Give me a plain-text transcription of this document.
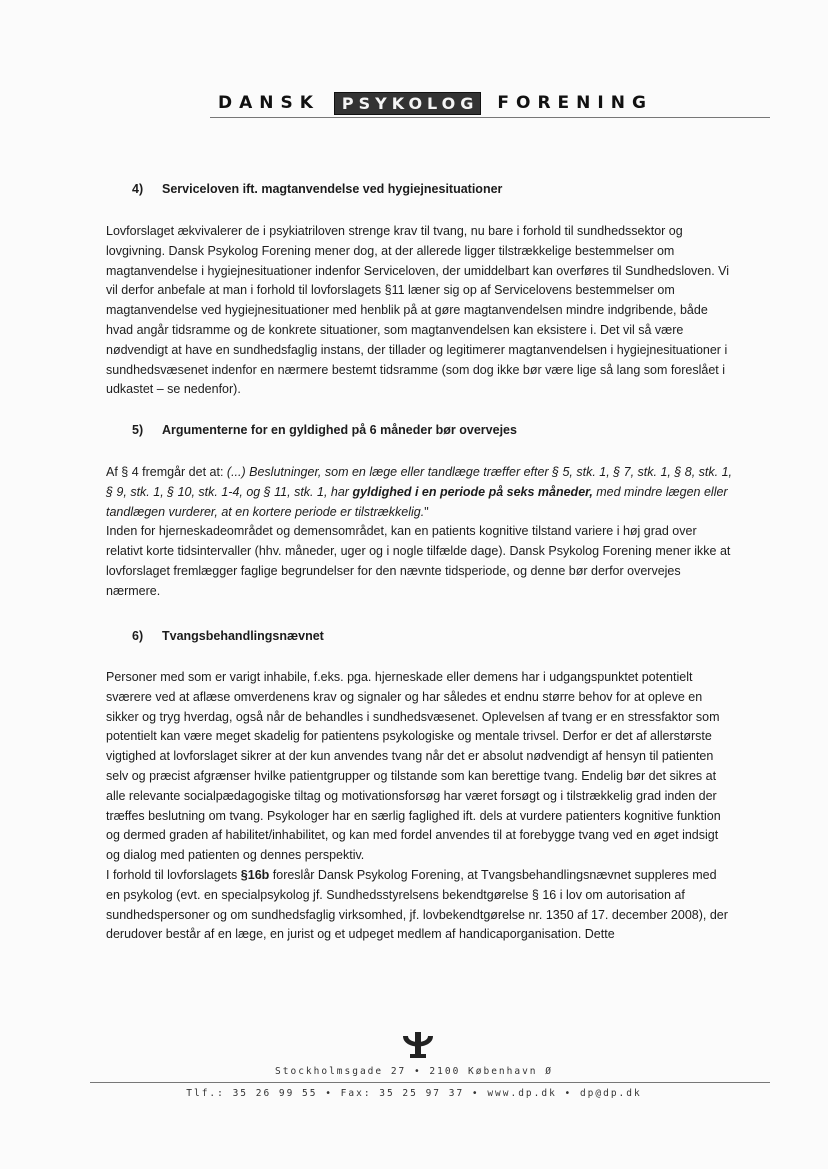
DANSK	PSYKOLOG FORENING
4) Serviceloven ift. magtanvendelse ved hygiejnesituationer

Lovforslaget ækvivalerer de i psykiatriloven strenge krav til tvang, nu bare i forhold til sundhedssektor og lovgivning. Dansk Psykolog Forening mener dog, at der allerede ligger tilstrækkelige bestemmelser om magtanvendelse i hygiejnesituationer indenfor Serviceloven, der umiddelbart kan overføres til Sundhedsloven. Vi vil derfor anbefale at man i forhold til lovforslagets §11 læner sig op af Servicelovens bestemmelser om magtanvendelse ved hygiejnesituationer med henblik på at gøre magtanvendelsen mindre indgribende, både hvad angår tidsramme og de konkrete situationer, som magtanvendelsen kan eksistere i. Det vil så være nødvendigt at have en sundhedsfaglig instans, der tillader og legitimerer magtanvendelsen i hygiejnesituationer i sundhedsvæsenet indenfor en nærmere bestemt tidsramme (som dog ikke bør være lige så lang som foreslået i udkastet – se nedenfor).

5) Argumenterne for en gyldighed på 6 måneder bør overvejes

Af § 4 fremgår det at: (...) Beslutninger, som en læge eller tandlæge træffer efter § 5, stk. 1, § 7, stk. 1, § 8, stk. 1, § 9, stk. 1, § 10, stk. 1-4, og § 11, stk. 1, har gyldighed i en periode på seks måneder, med mindre lægen eller tandlægen vurderer, at en kortere periode er tilstrækkelig."

Inden for hjerneskadeområdet og demensområdet, kan en patients kognitive tilstand variere i høj grad over relativt korte tidsintervaller (hhv. måneder, uger og i nogle tilfælde dage). Dansk Psykolog Forening mener ikke at lovforslaget fremlægger faglige begrundelser for den nævnte tidsperiode, og denne bør derfor overvejes nærmere.

6) Tvangsbehandlingsnævnet

Personer med som er varigt inhabile, f.eks. pga. hjerneskade eller demens har i udgangspunktet potentielt sværere ved at aflæse omverdenens krav og signaler og har således et endnu større behov for at opleve en sikker og tryg hverdag, også når de behandles i sundhedsvæsenet. Oplevelsen af tvang er en stressfaktor som potentielt kan være meget skadelig for patientens psykologiske og mentale trivsel. Derfor er det af allerstørste vigtighed at lovforslaget sikrer at der kun anvendes tvang når det er absolut nødvendigt af hensyn til patienten selv og præcist afgrænser hvilke patientgrupper og tilstande som kan berettige tvang. Endelig bør det sikres at alle relevante socialpædagogiske tiltag og motivationsforsøg har været forsøgt og i tilstrækkelig grad inden der træffes beslutning om tvang. Psykologer har en særlig faglighed ift. dels at vurdere patienters kognitive funktion og dermed graden af habilitet/inhabilitet, og kan med fordel anvendes til at forebygge tvang ved en øget indsigt og dialog med patienten og dennes perspektiv.

I forhold til lovforslagets §16b foreslår Dansk Psykolog Forening, at Tvangsbehandlingsnævnet suppleres med en psykolog (evt. en specialpsykolog jf. Sundhedsstyrelsens bekendtgørelse § 16 i lov om autorisation af sundhedspersoner og om sundhedsfaglig virksomhed, jf. lovbekendtgørelse nr. 1350 af 17. december 2008), der derudover består af en læge, en jurist og et udpeget medlem af handicaporganisation. Dette

Stockholmsgade 27 • 2100 København Ø
Tlf.: 35 26 99 55 • Fax: 35 25 97 37 • www.dp.dk • dp@dp.dk
